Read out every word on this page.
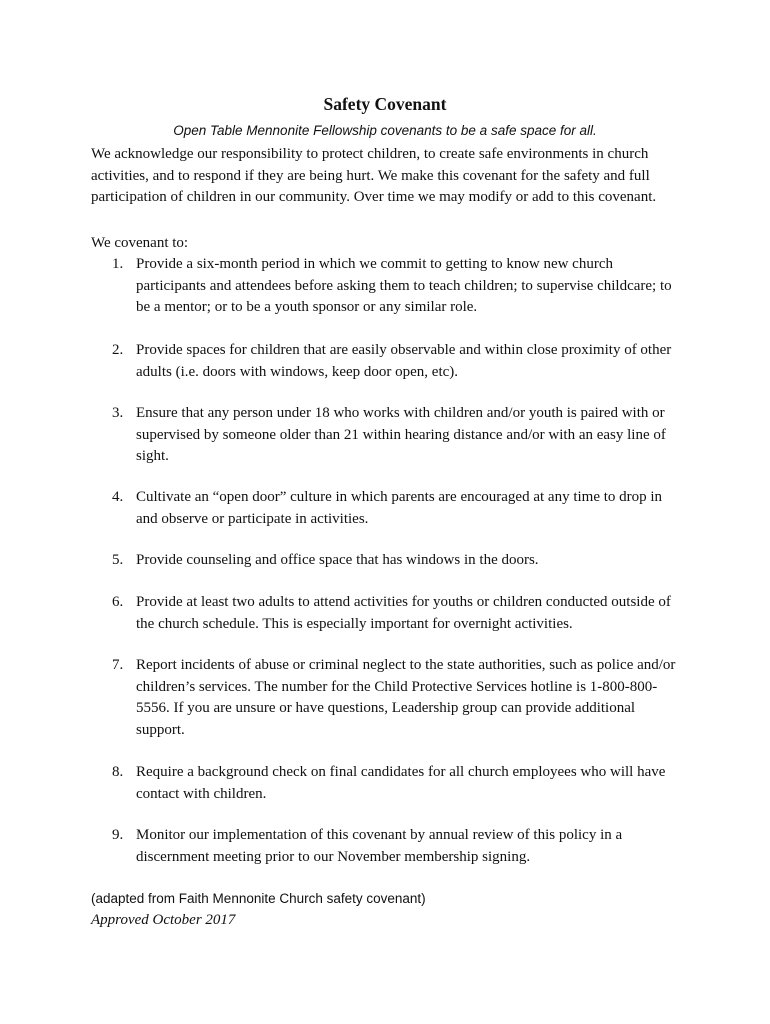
Safety Covenant
Open Table Mennonite Fellowship covenants to be a safe space for all.
We acknowledge our responsibility to protect children, to create safe environments in church
activities, and to respond if they are being hurt. We make this covenant for the safety and full
participation of children in our community. Over time we may modify or add to this covenant.
We covenant to:
1. Provide a six-month period in which we commit to getting to know new church
participants and attendees before asking them to teach children; to supervise childcare; to
be a mentor; or to be a youth sponsor or any similar role.
2. Provide spaces for children that are easily observable and within close proximity of other
adults (i.e. doors with windows, keep door open, etc).
3. Ensure that any person under 18 who works with children and/or youth is paired with or
supervised by someone older than 21 within hearing distance and/or with an easy line of
sight.
4. Cultivate an “open door” culture in which parents are encouraged at any time to drop in
and observe or participate in activities.
5. Provide counseling and office space that has windows in the doors.
6. Provide at least two adults to attend activities for youths or children conducted outside of
the church schedule. This is especially important for overnight activities.
7. Report incidents of abuse or criminal neglect to the state authorities, such as police and/or
children’s services. The number for the Child Protective Services hotline is 1-800-800-
5556. If you are unsure or have questions, Leadership group can provide additional
support.
8. Require a background check on final candidates for all church employees who will have
contact with children.
9. Monitor our implementation of this covenant by annual review of this policy in a
discernment meeting prior to our November membership signing.
(adapted from Faith Mennonite Church safety covenant)
Approved October 2017
